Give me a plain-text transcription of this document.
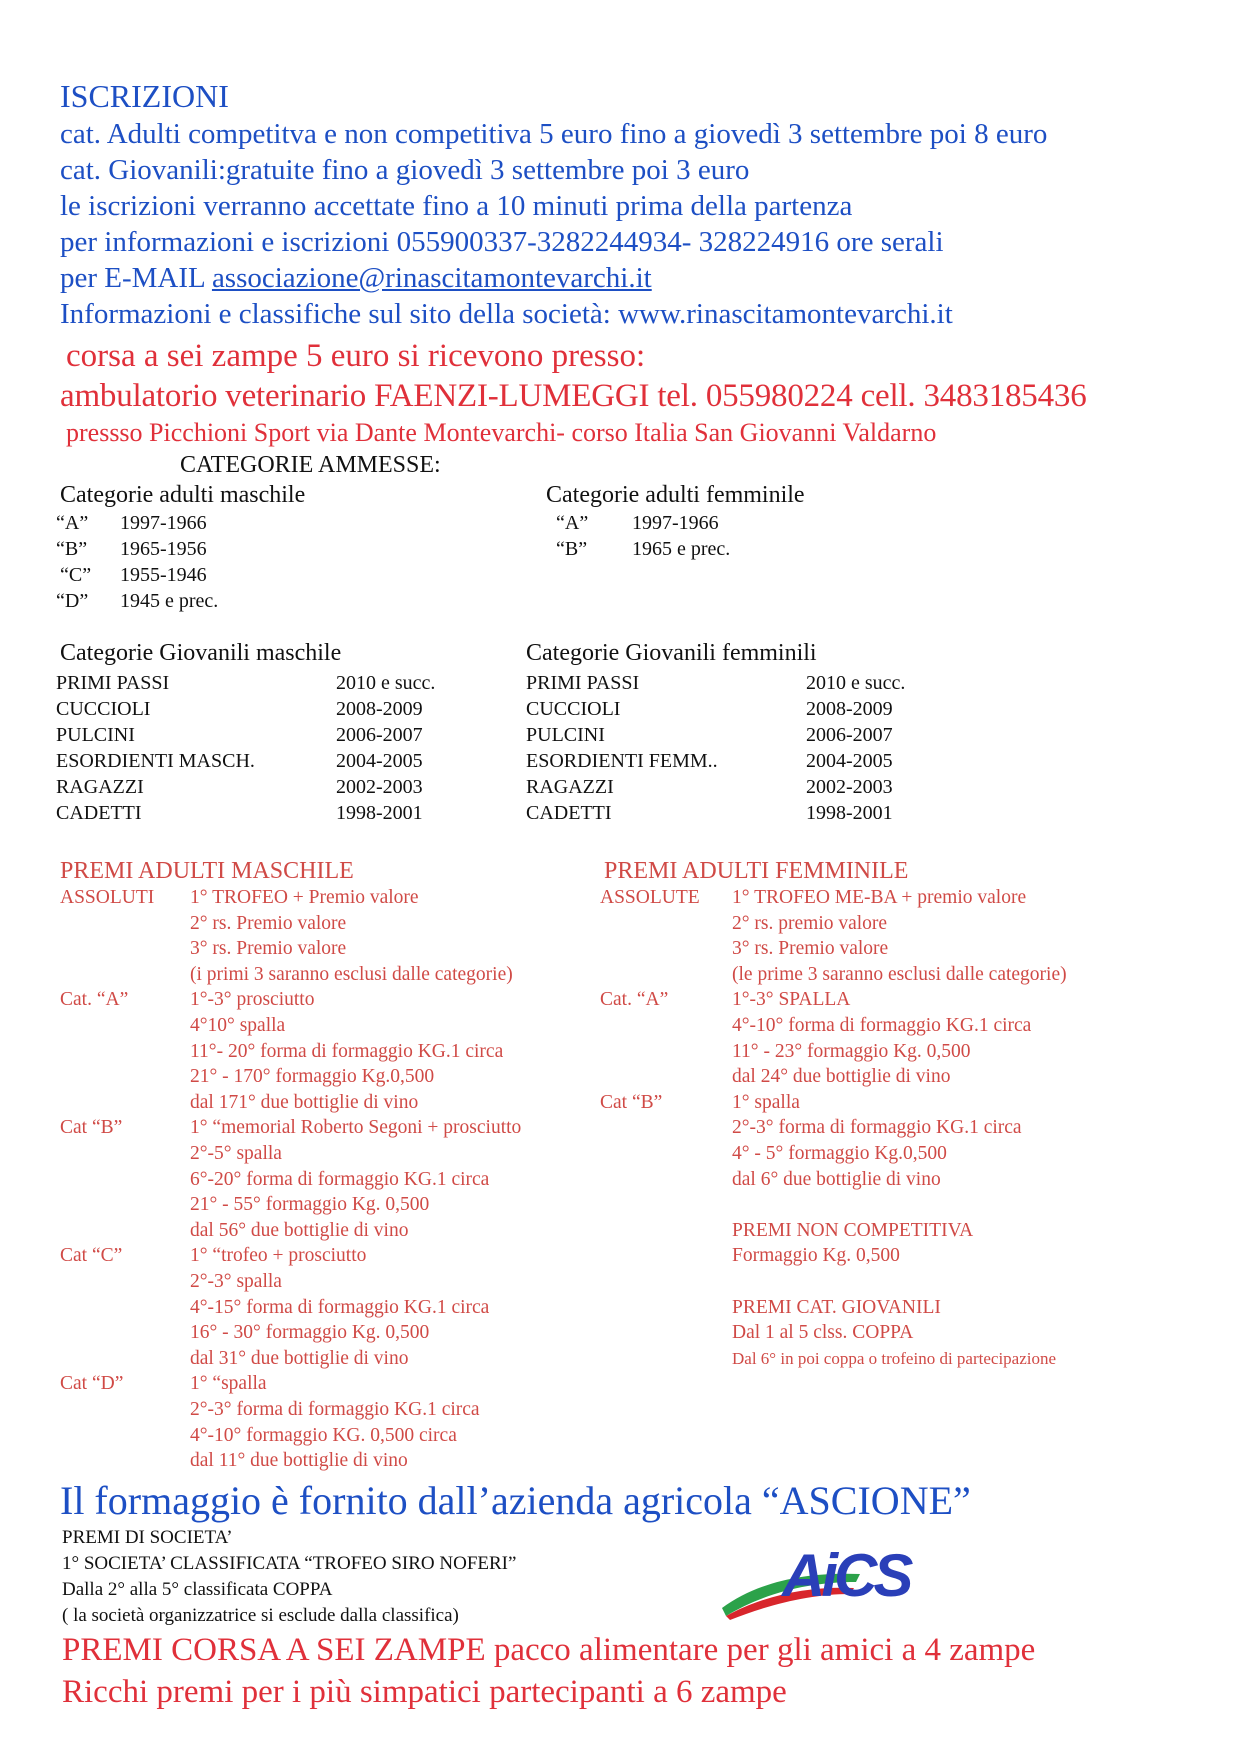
ISCRIZIONI
cat. Adulti competitva e non competitiva 5 euro fino a giovedì 3 settembre poi 8 euro
cat. Giovanili:gratuite fino a giovedì 3 settembre poi 3 euro
le iscrizioni verranno accettate fino a 10 minuti prima della partenza
per informazioni e iscrizioni 055900337-3282244934- 328224916 ore serali
per E-MAIL associazione@rinascitamontevarchi.it
Informazioni e classifiche sul sito della società: www.rinascitamontevarchi.it
corsa a sei zampe 5 euro si ricevono presso:
ambulatorio veterinario FAENZI-LUMEGGI tel. 055980224 cell. 3483185436
pressso Picchioni Sport via Dante Montevarchi- corso Italia San Giovanni Valdarno
CATEGORIE AMMESSE:
Categorie adulti maschile
“A” 1997-1966
“B” 1965-1956
“C” 1955-1946
“D” 1945 e prec.
Categorie adulti femminile
“A” 1997-1966
“B” 1965 e prec.
Categorie Giovanili maschile
PRIMI PASSI	2010 e succ.
CUCCIOLI	2008-2009
PULCINI	2006-2007
ESORDIENTI MASCH.	2004-2005
RAGAZZI	2002-2003
CADETTI	1998-2001
Categorie Giovanili femminili
PRIMI PASSI	2010 e succ.
CUCCIOLI	2008-2009
PULCINI	2006-2007
ESORDIENTI FEMM..	2004-2005
RAGAZZI	2002-2003
CADETTI	1998-2001
PREMI ADULTI MASCHILE
ASSOLUTI 1° TROFEO + Premio valore
2° rs. Premio valore
3° rs. Premio valore
(i primi 3 saranno esclusi dalle categorie)
Cat. “A”	1°-3° prosciutto
4°10° spalla
11°- 20° forma di formaggio KG.1 circa
21° - 170° formaggio Kg.0,500
dal 171° due bottiglie di vino
Cat “B”	1° “memorial Roberto Segoni + prosciutto
2°-5° spalla
6°-20° forma di formaggio KG.1 circa
21° - 55° formaggio Kg. 0,500
dal 56° due bottiglie di vino
Cat “C”	1° “trofeo + prosciutto
2°-3° spalla
4°-15° forma di formaggio KG.1 circa
16° - 30° formaggio Kg. 0,500
dal 31° due bottiglie di vino
Cat “D”	1° “spalla
2°-3° forma di formaggio KG.1 circa
4°-10° formaggio KG. 0,500 circa
dal 11° due bottiglie di vino
PREMI ADULTI FEMMINILE
ASSOLUTE 1° TROFEO ME-BA + premio valore
2° rs. premio valore
3° rs. Premio valore
(le prime 3 saranno esclusi dalle categorie)
Cat. “A”	1°-3° SPALLA
4°-10° forma di formaggio KG.1 circa
11° - 23° formaggio Kg. 0,500
dal 24° due bottiglie di vino
Cat “B”	1° spalla
2°-3° forma di formaggio KG.1 circa
4° - 5° formaggio Kg.0,500
dal 6° due bottiglie di vino
PREMI NON COMPETITIVA
Formaggio Kg. 0,500
PREMI CAT. GIOVANILI
Dal 1 al 5 clss. COPPA
Dal 6° in poi coppa o trofeino di partecipazione
Il formaggio è fornito dall’azienda agricola “ASCIONE”
PREMI DI SOCIETA’
1° SOCIETA’ CLASSIFICATA “TROFEO SIRO NOFERI”
Dalla 2° alla 5° classificata COPPA
( la società organizzatrice si esclude dalla classifica)
AiCS
PREMI CORSA A SEI ZAMPE pacco alimentare per gli amici a 4 zampe
Ricchi premi per i più simpatici partecipanti a 6 zampe
